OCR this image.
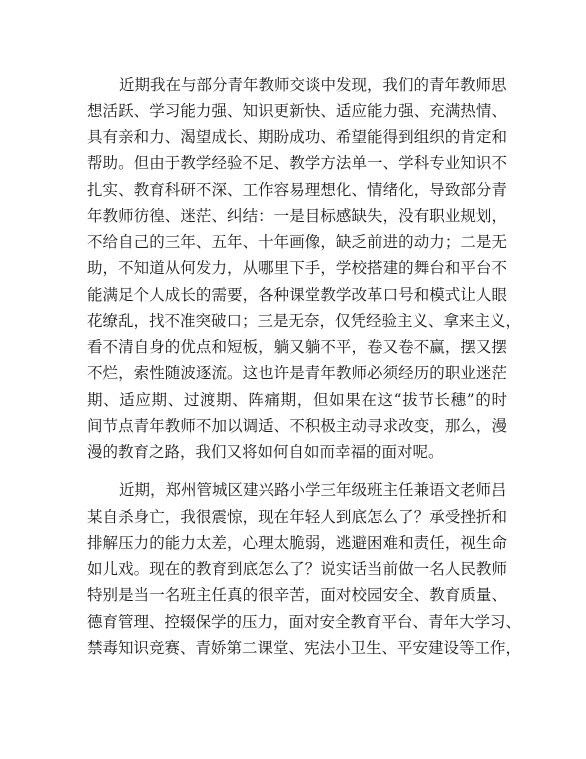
近期我在与部分青年教师交谈中发现，我们的青年教师思

想活跃、学习能力强、知识更新快、适应能力强、充满热情、

具有亲和力、渴望成长、期盼成功、希望能得到组织的肯定和

帮助。但由于教学经验不足、教学方法单一、学科专业知识不

扎实、教育科研不深、工作容易理想化、情绪化，导致部分青

年教师彷徨、迷茫、纠结：一是目标感缺失，没有职业规划，

不给自己的三年、五年、十年画像，缺乏前进的动力；二是无

助，不知道从何发力，从哪里下手，学校搭建的舞台和平台不

能满足个人成长的需要，各种课堂教学改革口号和模式让人眼

花缭乱，找不准突破口；三是无奈，仅凭经验主义、拿来主义，

看不清自身的优点和短板，躺又躺不平，卷又卷不赢，摆又摆

不烂，索性随波逐流。这也许是青年教师必须经历的职业迷茫

期、适应期、过渡期、阵痛期，但如果在这“拔节长穗”的时

间节点青年教师不加以调适、不积极主动寻求改变，那么，漫

漫的教育之路，我们又将如何自如而幸福的面对呢。

近期，郑州管城区建兴路小学三年级班主任兼语文老师吕

某自杀身亡，我很震惊，现在年轻人到底怎么了？承受挫折和

排解压力的能力太差，心理太脆弱，逃避困难和责任，视生命

如儿戏。现在的教育到底怎么了？说实话当前做一名人民教师

特别是当一名班主任真的很辛苦，面对校园安全、教育质量、

德育管理、控辍保学的压力，面对安全教育平台、青年大学习、

禁毒知识竞赛、青娇第二课堂、宪法小卫生、平安建设等工作，
